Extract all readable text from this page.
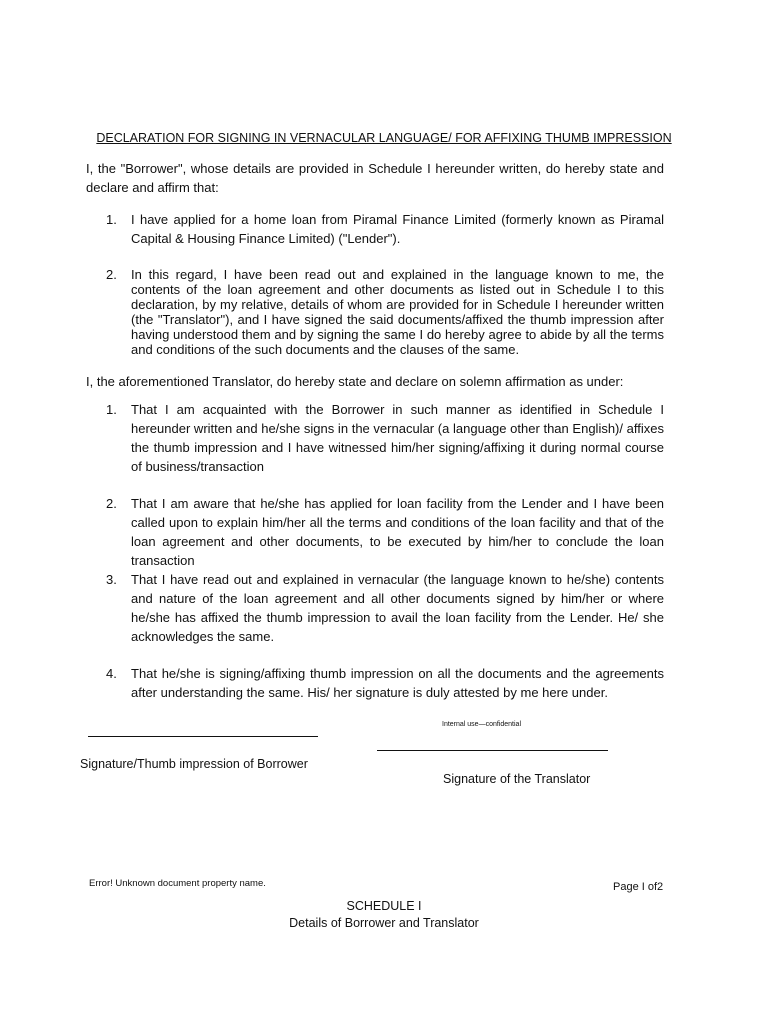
DECLARATION FOR SIGNING IN VERNACULAR LANGUAGE/ FOR AFFIXING THUMB IMPRESSION
I, the "Borrower", whose details are provided in Schedule I hereunder written, do hereby state and declare and affirm that:
1.	I have applied for a home loan from Piramal Finance Limited (formerly known as Piramal Capital & Housing Finance Limited) ("Lender").
2.	In this regard, I have been read out and explained in the language known to me, the contents of the loan agreement and other documents as listed out in Schedule I to this declaration, by my relative, details of whom are provided for in Schedule I hereunder written (the "Translator"), and I have signed the said documents/affixed the thumb impression after having understood them and by signing the same I do hereby agree to abide by all the terms and conditions of the such documents and the clauses of the same.
I, the aforementioned Translator, do hereby state and declare on solemn affirmation as under:
1.	That I am acquainted with the Borrower in such manner as identified in Schedule I hereunder written and he/she signs in the vernacular (a language other than English)/ affixes the thumb impression and I have witnessed him/her signing/affixing it during normal course of business/transaction
2.	That I am aware that he/she has applied for loan facility from the Lender and I have been called upon to explain him/her all the terms and conditions of the loan facility and that of the loan agreement and other documents, to be executed by him/her to conclude the loan transaction
3.	That I have read out and explained in vernacular (the language known to he/she) contents and nature of the loan agreement and all other documents signed by him/her or where he/she has affixed the thumb impression to avail the loan facility from the Lender. He/ she acknowledges the same.
4.	That he/she is signing/affixing thumb impression on all the documents and the agreements after understanding the same. His/ her signature is duly attested by me here under.
Internal use—confidential
Signature/Thumb impression of Borrower
Signature of the Translator
Error! Unknown document property name.	Page I of2
SCHEDULE I
Details of Borrower and Translator
